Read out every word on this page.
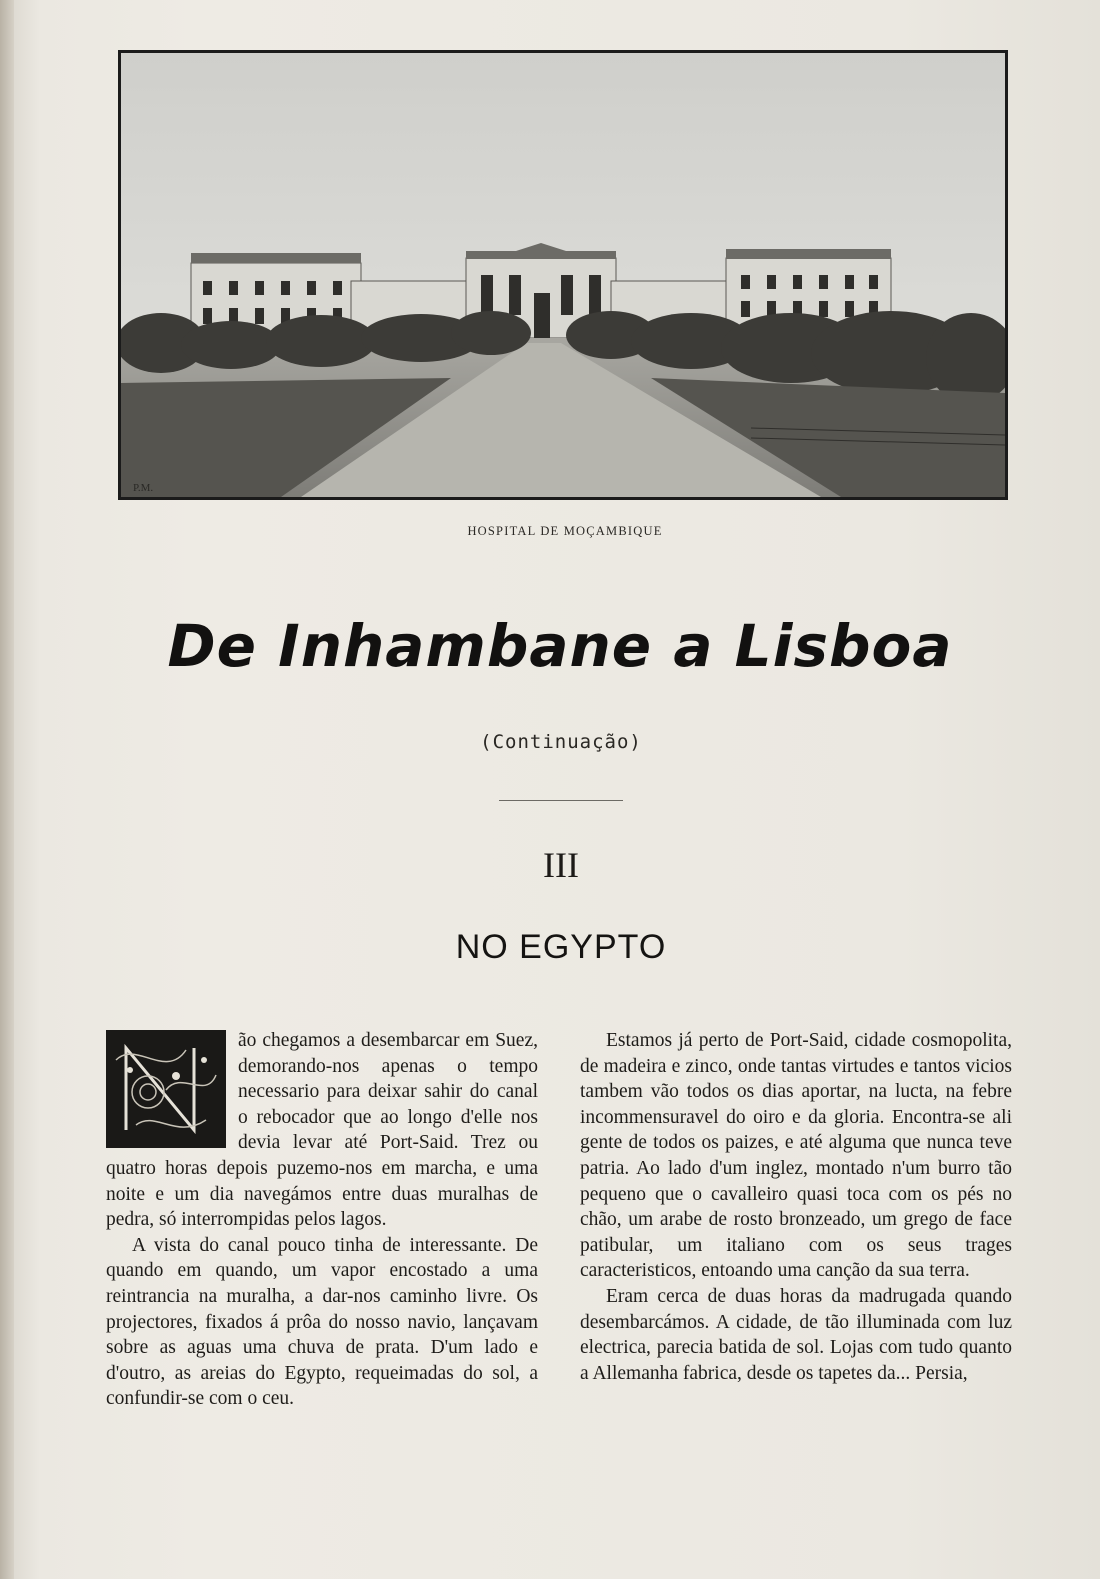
P.M.
HOSPITAL DE MOÇAMBIQUE
De Inhambane a Lisboa
(Continuação)
III
NO EGYPTO

ão chegamos a desembarcar em Suez, demorando-nos apenas o tempo necessario para deixar sahir do canal o rebocador que ao longo d'elle nos devia levar até Port-Said. Trez ou quatro horas depois puzemo-nos em marcha, e uma noite e um dia navegámos entre duas muralhas de pedra, só interrompidas pelos lagos.

A vista do canal pouco tinha de interessante. De quando em quando, um vapor encostado a uma reintrancia na muralha, a dar-nos caminho livre. Os projectores, fixados á prôa do nosso navio, lançavam sobre as aguas uma chuva de prata. D'um lado e d'outro, as areias do Egypto, requeimadas do sol, a confundir-se com o ceu.

Estamos já perto de Port-Said, cidade cosmopolita, de madeira e zinco, onde tantas virtudes e tantos vicios tambem vão todos os dias aportar, na lucta, na febre incommensuravel do oiro e da gloria. Encontra-se ali gente de todos os paizes, e até alguma que nunca teve patria. Ao lado d'um inglez, montado n'um burro tão pequeno que o cavalleiro quasi toca com os pés no chão, um arabe de rosto bronzeado, um grego de face patibular, um italiano com os seus trages caracteristicos, entoando uma canção da sua terra.

Eram cerca de duas horas da madrugada quando desembarcámos. A cidade, de tão illuminada com luz electrica, parecia batida de sol. Lojas com tudo quanto a Allemanha fabrica, desde os tapetes da... Persia,
